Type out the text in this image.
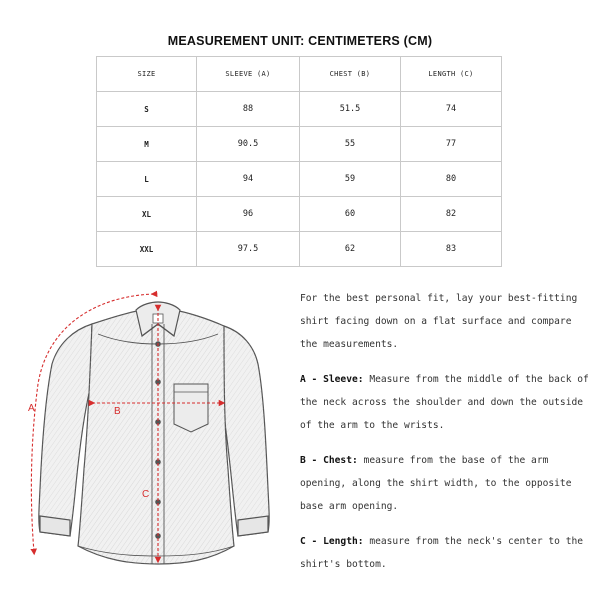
MEASUREMENT UNIT: CENTIMETERS (CM)
SIZE	SLEEVE (A)	CHEST (B)	LENGTH (C)
S	88	51.5	74
M	90.5	55	77
L	94	59	80
XL	96	60	82
XXL	97.5	62	83
A	B
C

For the best personal fit, lay your best-fitting shirt facing down on a flat surface and compare the measurements.

A - Sleeve: Measure from the middle of the back of the neck across the shoulder and down the outside of the arm to the wrists.

B - Chest: measure from the base of the arm opening, along the shirt width, to the opposite base arm opening.

C - Length: measure from the neck's center to the shirt's bottom.
